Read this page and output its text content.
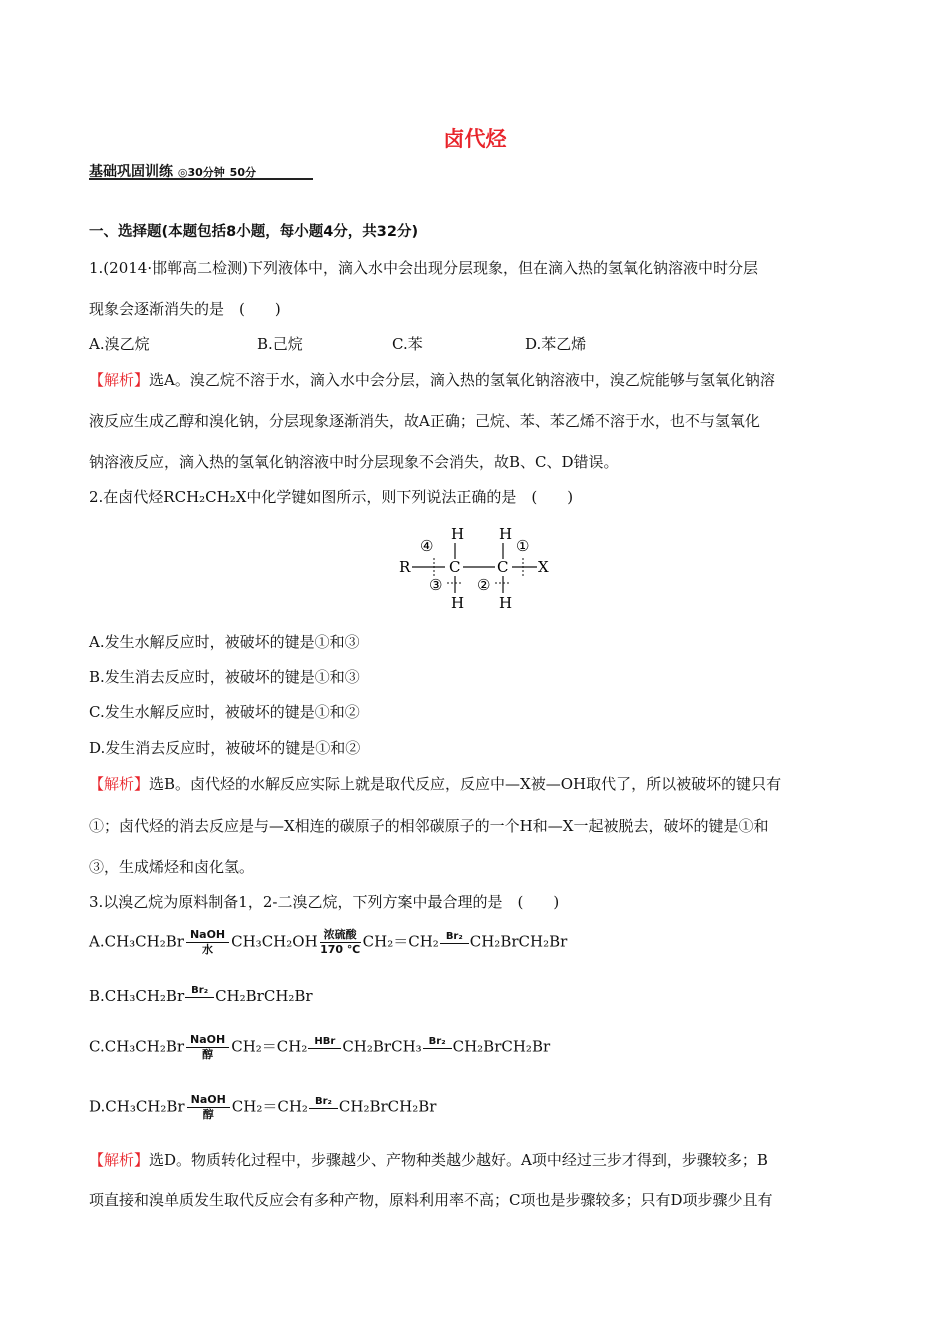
卤代烃
基础巩固训练 ◎30分钟 50分
一、选择题(本题包括8小题，每小题4分，共32分)
1.(2014·邯郸高二检测)下列液体中，滴入水中会出现分层现象，但在滴入热的氢氧化钠溶液中时分层
现象会逐渐消失的是　(　　)
A.溴乙烷	B.己烷	C.苯	D.苯乙烯
【解析】选A。溴乙烷不溶于水，滴入水中会分层，滴入热的氢氧化钠溶液中，溴乙烷能够与氢氧化钠溶
液反应生成乙醇和溴化钠，分层现象逐渐消失，故A正确；己烷、苯、苯乙烯不溶于水，也不与氢氧化
钠溶液反应，滴入热的氢氧化钠溶液中时分层现象不会消失，故B、C、D错误。
2.在卤代烃RCH₂CH₂X中化学键如图所示，则下列说法正确的是　(　　)
H H
R
④
C C
①
X
③ ②
H H
A.发生水解反应时，被破坏的键是①和③
B.发生消去反应时，被破坏的键是①和③
C.发生水解反应时，被破坏的键是①和②
D.发生消去反应时，被破坏的键是①和②
【解析】选B。卤代烃的水解反应实际上就是取代反应，反应中—X被—OH取代了，所以被破坏的键只有
①；卤代烃的消去反应是与—X相连的碳原子的相邻碳原子的一个H和—X一起被脱去，破坏的键是①和
③，生成烯烃和卤化氢。
3.以溴乙烷为原料制备1，2-二溴乙烷，下列方案中最合理的是　(　　)
$A.CH_3CH_2Br \frac{\text{NaOH}}{\text{水}} CH_3CH_2OH \frac{\text{浓硫酸}}{170 ℃} CH_2=CH_2$ Br₂ CH₂BrCH₂Br
B.CH₃CH₂Br Br₂ CH₂BrCH₂Br
$C.CH_3CH_2Br \frac{\text{NaOH}}{\text{醇}} CH_2=CH_2$ HBr CH₂BrCH₃ Br₂ CH₂BrCH₂Br
$D.CH_3CH_2Br \frac{\text{NaOH}}{\text{醇}} CH_2=CH_2$ Br₂ CH₂BrCH₂Br
【解析】选D。物质转化过程中，步骤越少、产物种类越少越好。A项中经过三步才得到，步骤较多；B
项直接和溴单质发生取代反应会有多种产物，原料利用率不高；C项也是步骤较多；只有D项步骤少且有
